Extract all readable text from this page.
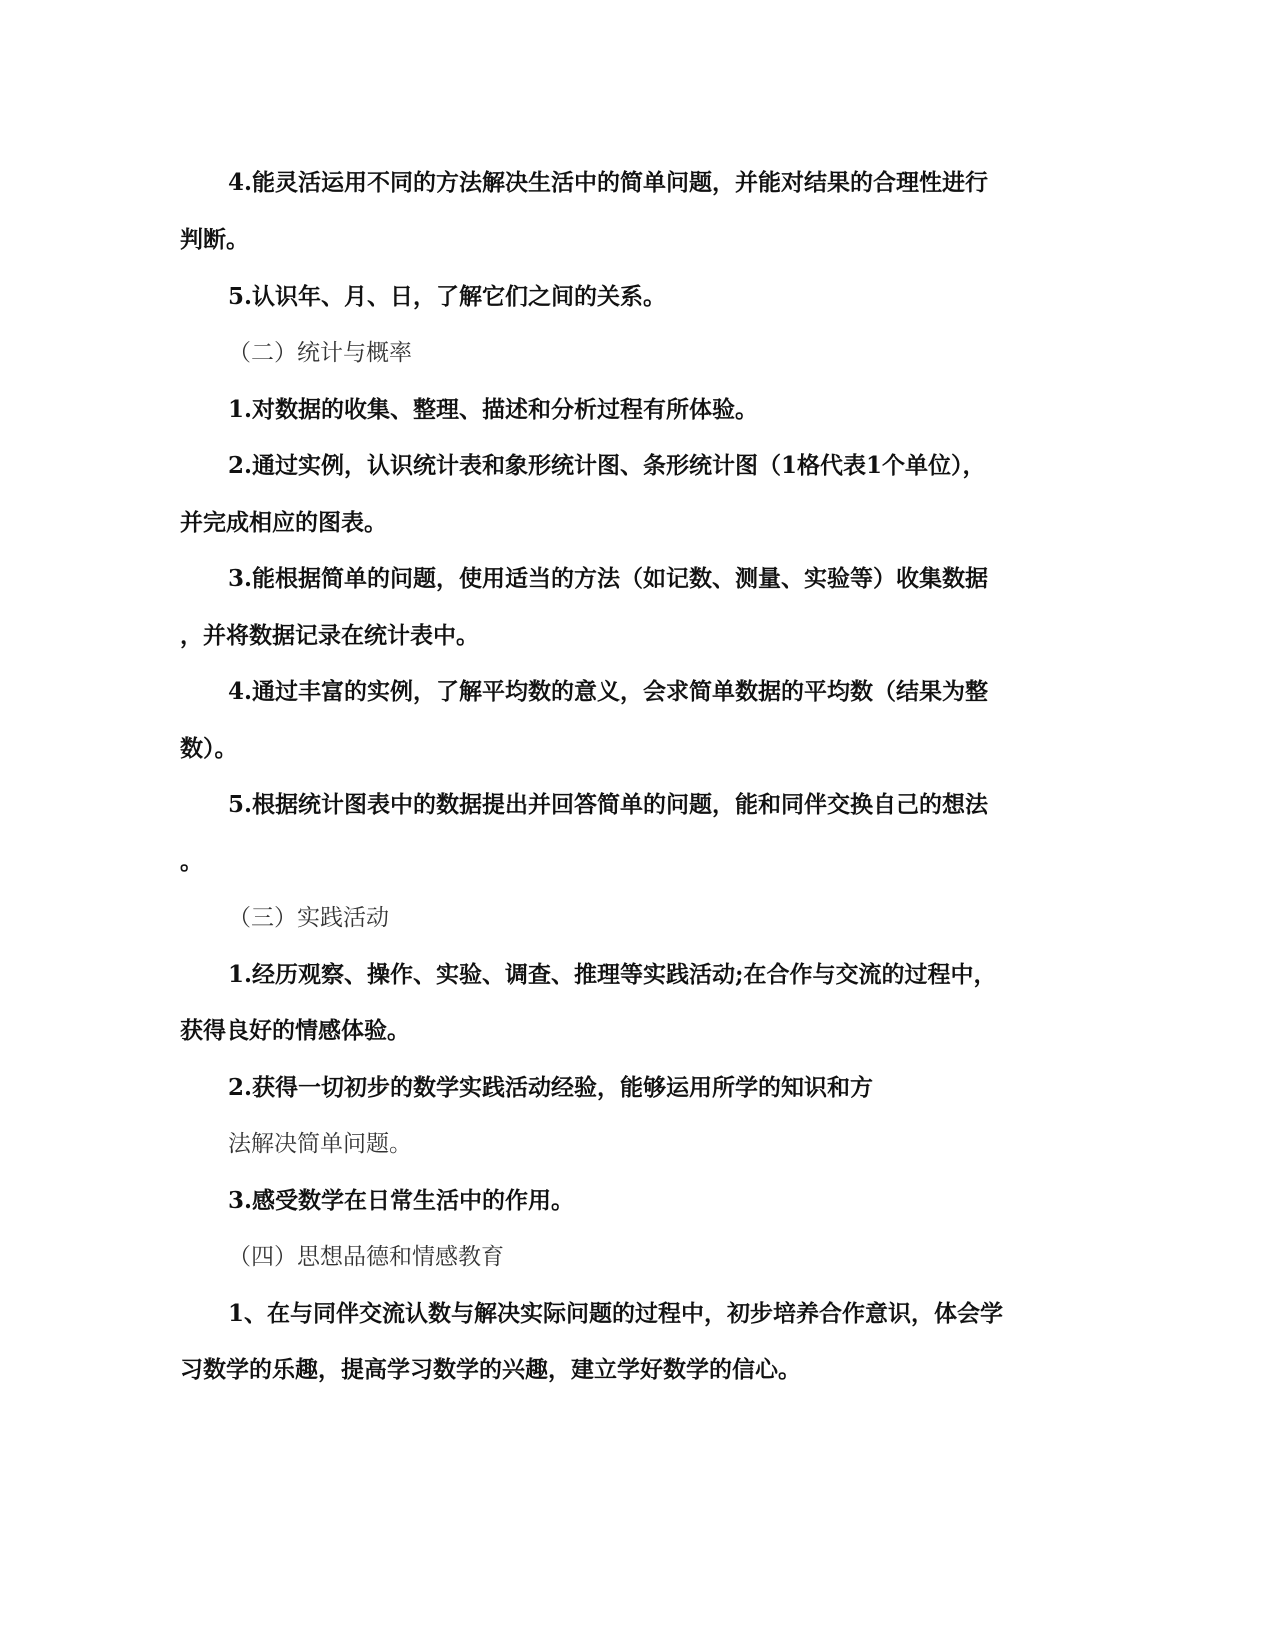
4.能灵活运用不同的方法解决生活中的简单问题，并能对结果的合理性进行
判断。
5.认识年、月、日，了解它们之间的关系。
（二）统计与概率
1.对数据的收集、整理、描述和分析过程有所体验。
2.通过实例，认识统计表和象形统计图、条形统计图（1格代表1个单位），
并完成相应的图表。
3.能根据简单的问题，使用适当的方法（如记数、测量、实验等）收集数据
，并将数据记录在统计表中。
4.通过丰富的实例，了解平均数的意义，会求简单数据的平均数（结果为整
数）。
5.根据统计图表中的数据提出并回答简单的问题，能和同伴交换自己的想法
。
（三）实践活动
1.经历观察、操作、实验、调查、推理等实践活动;在合作与交流的过程中，
获得良好的情感体验。
2.获得一切初步的数学实践活动经验，能够运用所学的知识和方
法解决简单问题。
3.感受数学在日常生活中的作用。
（四）思想品德和情感教育
1、在与同伴交流认数与解决实际问题的过程中，初步培养合作意识，体会学
习数学的乐趣，提高学习数学的兴趣，建立学好数学的信心。
